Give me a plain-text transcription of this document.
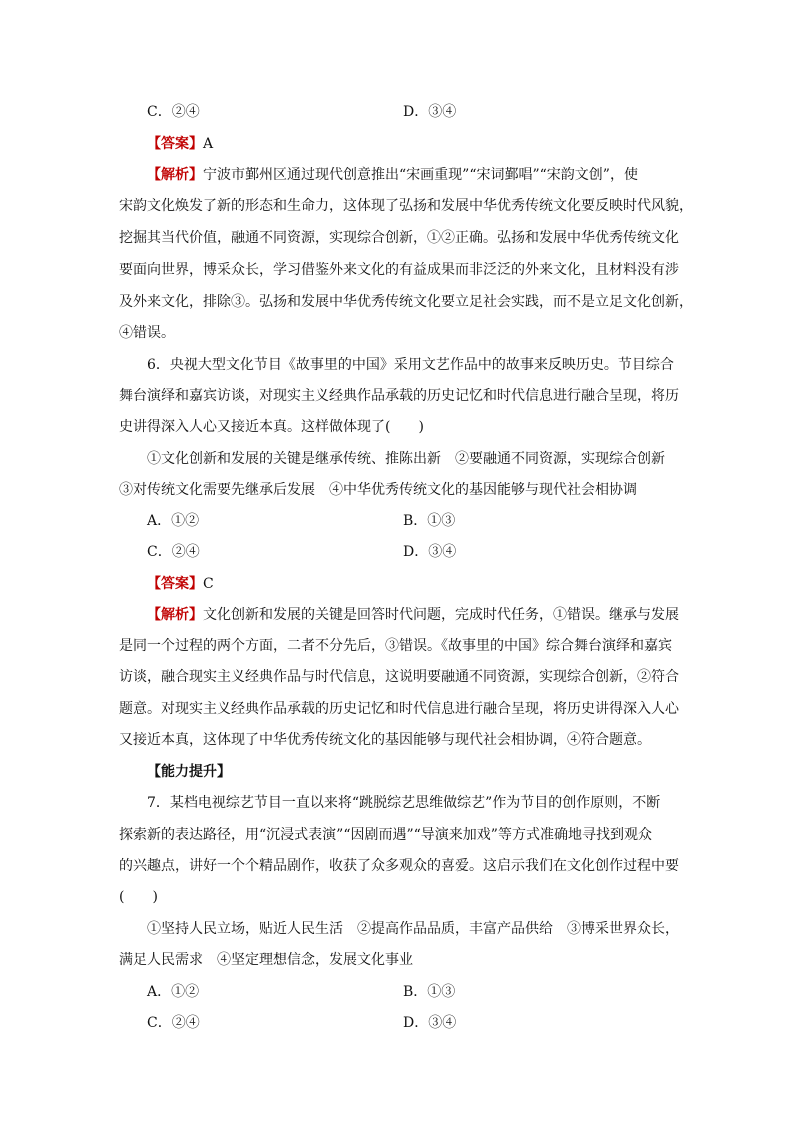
C．②④	D．③④
【答案】A
【解析】宁波市鄞州区通过现代创意推出“宋画重现”“宋词鄞唱”“宋韵文创”，使
宋韵文化焕发了新的形态和生命力，这体现了弘扬和发展中华优秀传统文化要反映时代风貌，
挖掘其当代价值，融通不同资源，实现综合创新，①②正确。弘扬和发展中华优秀传统文化
要面向世界，博采众长，学习借鉴外来文化的有益成果而非泛泛的外来文化，且材料没有涉
及外来文化，排除③。弘扬和发展中华优秀传统文化要立足社会实践，而不是立足文化创新，
④错误。
6．央视大型文化节目《故事里的中国》采用文艺作品中的故事来反映历史。节目综合
舞台演绎和嘉宾访谈，对现实主义经典作品承载的历史记忆和时代信息进行融合呈现，将历
史讲得深入人心又接近本真。这样做体现了(　　)
①文化创新和发展的关键是继承传统、推陈出新　②要融通不同资源，实现综合创新
③对传统文化需要先继承后发展　④中华优秀传统文化的基因能够与现代社会相协调
A．①②	B．①③
C．②④	D．③④
【答案】C
【解析】文化创新和发展的关键是回答时代问题，完成时代任务，①错误。继承与发展
是同一个过程的两个方面，二者不分先后，③错误。《故事里的中国》综合舞台演绎和嘉宾
访谈，融合现实主义经典作品与时代信息，这说明要融通不同资源，实现综合创新，②符合
题意。对现实主义经典作品承载的历史记忆和时代信息进行融合呈现，将历史讲得深入人心
又接近本真，这体现了中华优秀传统文化的基因能够与现代社会相协调，④符合题意。
【能力提升】
7．某档电视综艺节目一直以来将“跳脱综艺思维做综艺”作为节目的创作原则，不断
探索新的表达路径，用“沉浸式表演”“因剧而遇”“导演来加戏”等方式准确地寻找到观众
的兴趣点，讲好一个个精品剧作，收获了众多观众的喜爱。这启示我们在文化创作过程中要
(　　)
①坚持人民立场，贴近人民生活　②提高作品品质，丰富产品供给　③博采世界众长，
满足人民需求　④坚定理想信念，发展文化事业
A．①②	B．①③
C．②④	D．③④
